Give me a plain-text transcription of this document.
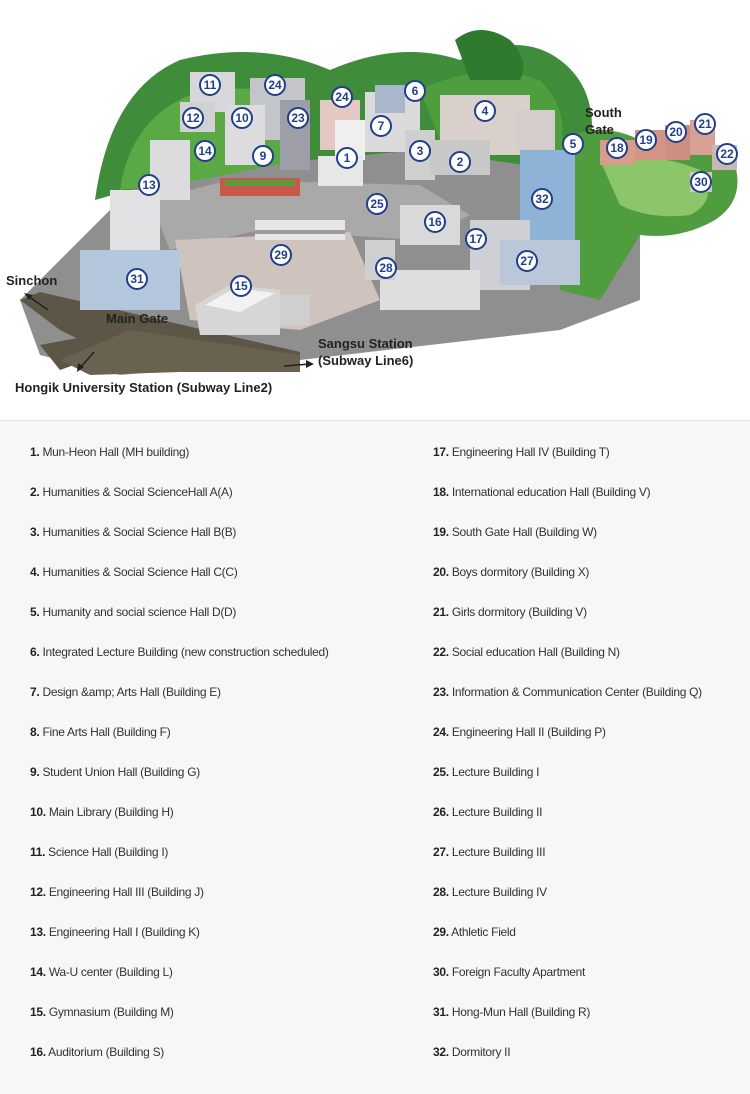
1	2
3
4
5
6
7
9
10
11
12
13
14
15
16
17
18
19
20
21
22
23
24
24
25
27
28
29
30
31
32
Sinchon
Main Gate
South
Gate
Sangsu Station
(Subway Line6)
Hongik University Station (Subway Line2)
1. Mun-Heon Hall (MH building)
2. Humanities & Social ScienceHall A(A)
3. Humanities & Social Science Hall B(B)
4. Humanities & Social Science Hall C(C)
5. Humanity and social science Hall D(D)
6. Integrated Lecture Building (new construction scheduled)
7. Design &amp; Arts Hall (Building E)
8. Fine Arts Hall (Building F)
9. Student Union Hall (Building G)
10. Main Library (Building H)
11. Science Hall (Building I)
12. Engineering Hall III (Building J)
13. Engineering Hall I (Building K)
14. Wa-U center (Building L)
15. Gymnasium (Building M)
16. Auditorium (Building S)
17. Engineering Hall IV (Building T)
18. International education Hall (Building V)
19. South Gate Hall (Building W)
20. Boys dormitory (Building X)
21. Girls dormitory (Building V)
22. Social education Hall (Building N)
23. Information & Communication Center (Building Q)
24. Engineering Hall II (Building P)
25. Lecture Building I
26. Lecture Building II
27. Lecture Building III
28. Lecture Building IV
29. Athletic Field
30. Foreign Faculty Apartment
31. Hong-Mun Hall (Building R)
32. Dormitory II
